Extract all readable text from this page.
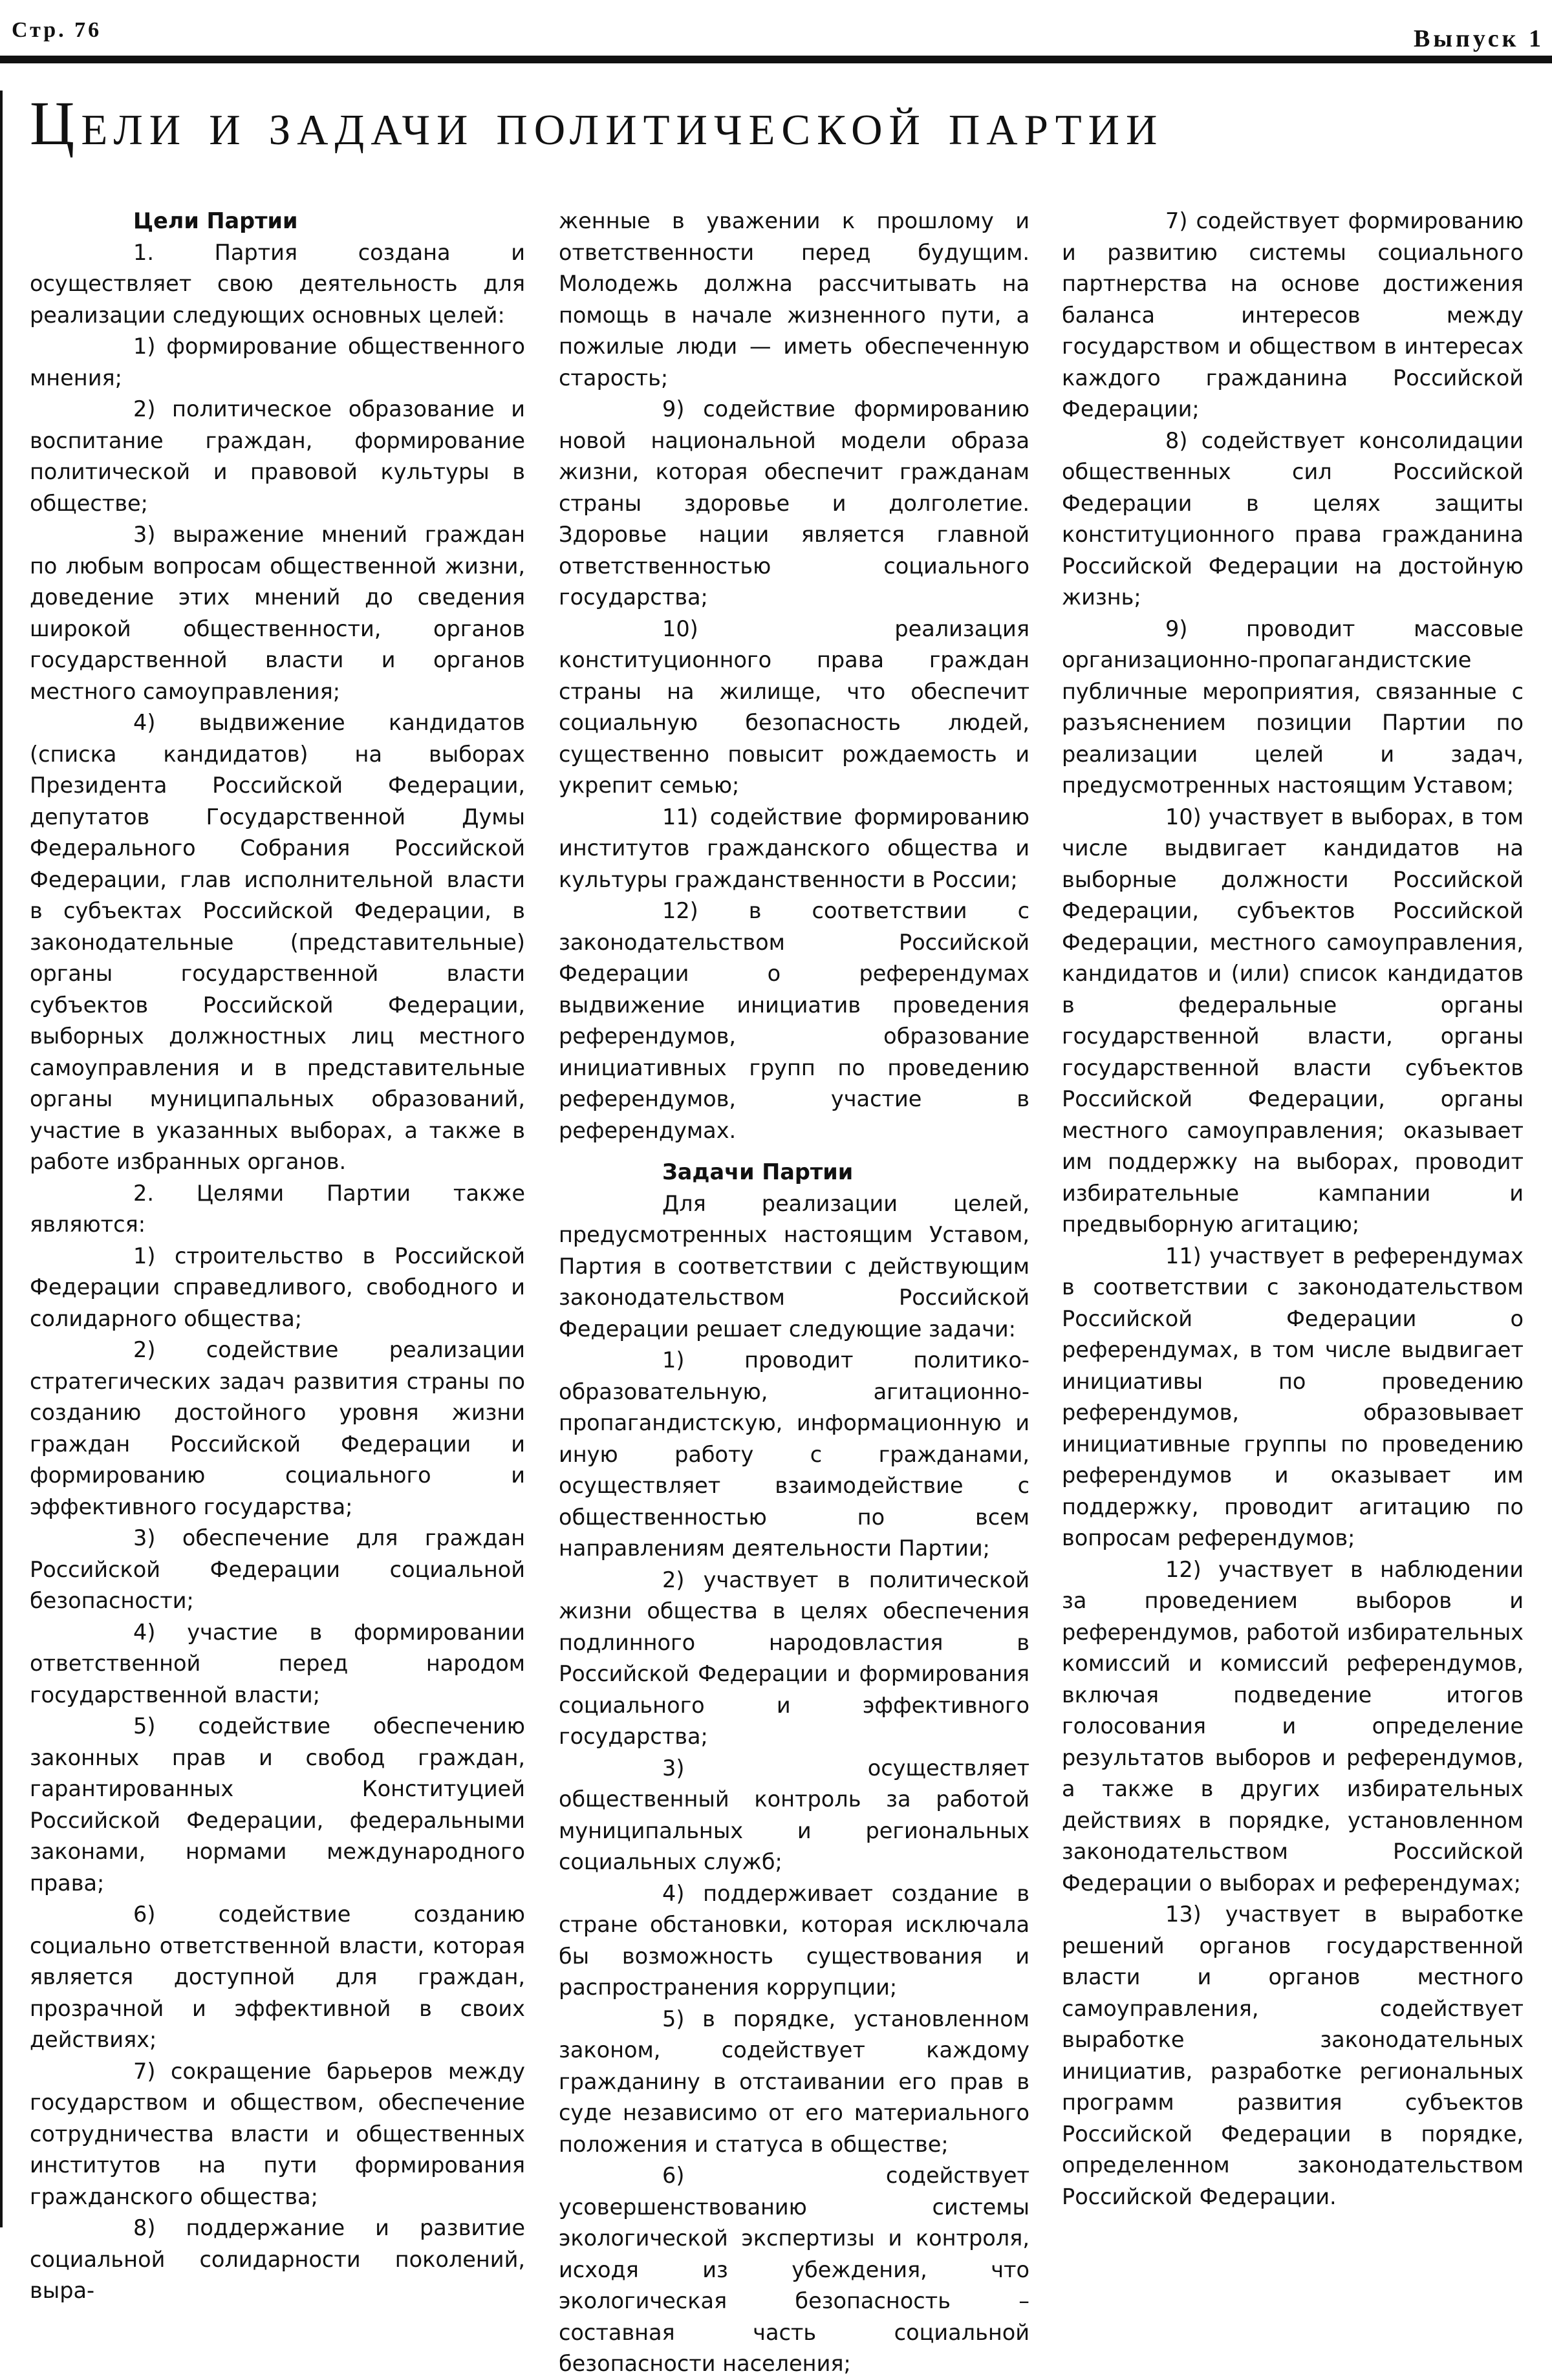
Стр. 76	Выпуск 1
Цели и задачи политической партии
Цели Партии

1. Партия создана и осуществляет свою деятельность для реализации следующих основных целей:

1) формирование общественного мнения;

2) политическое образование и воспитание граждан, формирование политической и правовой культуры в обществе;

3) выражение мнений граждан по любым вопросам общественной жизни, доведение этих мнений до сведения широкой общественности, органов государственной власти и органов местного самоуправления;

4) выдвижение кандидатов (списка кандидатов) на выборах Президента Российской Федерации, депутатов Государственной Думы Федерального Собрания Российской Федерации, глав исполнительной власти в субъектах Российской Федерации, в законодательные (представительные) органы государственной власти субъектов Российской Федерации, выборных должностных лиц местного самоуправления и в представительные органы муниципальных образований, участие в указанных выборах, а также в работе избранных органов.

2. Целями Партии также являются:

1) строительство в Российской Федерации справедливого, свободного и солидарного общества;

2) содействие реализации стратегических задач развития страны по созданию достойного уровня жизни граждан Российской Федерации и формированию социального и эффективного государства;

3) обеспечение для граждан Российской Федерации социальной безопасности;

4) участие в формировании ответственной перед народом государственной власти;

5) содействие обеспечению законных прав и свобод граждан, гарантированных Конституцией Российской Федерации, федеральными законами, нормами международного права;

6) содействие созданию социально ответственной власти, которая является доступной для граждан, прозрачной и эффективной в своих действиях;

7) сокращение барьеров между государством и обществом, обеспечение сотрудничества власти и общественных институтов на пути формирования гражданского общества;

8) поддержание и развитие социальной солидарности поколений, выра-

женные в уважении к прошлому и ответственности перед будущим. Молодежь должна рассчитывать на помощь в начале жизненного пути, а пожилые люди — иметь обеспеченную старость;

9) содействие формированию новой национальной модели образа жизни, которая обеспечит гражданам страны здоровье и долголетие. Здоровье нации является главной ответственностью социального государства;

10) реализация конституционного права граждан страны на жилище, что обеспечит социальную безопасность людей, существенно повысит рождаемость и укрепит семью;

11) содействие формированию институтов гражданского общества и культуры гражданственности в России;

12) в соответствии с законодательством Российской Федерации о референдумах выдвижение инициатив проведения референдумов, образование инициативных групп по проведению референдумов, участие в референдумах.

Задачи Партии

Для реализации целей, предусмотренных настоящим Уставом, Партия в соответствии с действующим законодательством Российской Федерации решает следующие задачи:

1) проводит политико-образовательную, агитационно-пропагандистскую, информационную и иную работу с гражданами, осуществляет взаимодействие с общественностью по всем направлениям деятельности Партии;

2) участвует в политической жизни общества в целях обеспечения подлинного народовластия в Российской Федерации и формирования социального и эффективного государства;

3) осуществляет общественный контроль за работой муниципальных и региональных социальных служб;

4) поддерживает создание в стране обстановки, которая исключала бы возможность существования и распространения коррупции;

5) в порядке, установленном законом, содействует каждому гражданину в отстаивании его прав в суде независимо от его материального положения и статуса в обществе;

6) содействует усовершенствованию системы экологической экспертизы и контроля, исходя из убеждения, что экологическая безопасность – составная часть социальной безопасности населения;

7) содействует формированию и развитию системы социального партнерства на основе достижения баланса интересов между государством и обществом в интересах каждого гражданина Российской Федерации;

8) содействует консолидации общественных сил Российской Федерации в целях защиты конституционного права гражданина Российской Федерации на достойную жизнь;

9) проводит массовые организационно-пропагандистские публичные мероприятия, связанные с разъяснением позиции Партии по реализации целей и задач, предусмотренных настоящим Уставом;

10) участвует в выборах, в том числе выдвигает кандидатов на выборные должности Российской Федерации, субъектов Российской Федерации, местного самоуправления, кандидатов и (или) список кандидатов в федеральные органы государственной власти, органы государственной власти субъектов Российской Федерации, органы местного самоуправления; оказывает им поддержку на выборах, проводит избирательные кампании и предвыборную агитацию;

11) участвует в референдумах в соответствии с законодательством Российской Федерации о референдумах, в том числе выдвигает инициативы по проведению референдумов, образовывает инициативные группы по проведению референдумов и оказывает им поддержку, проводит агитацию по вопросам референдумов;

12) участвует в наблюдении за проведением выборов и референдумов, работой избирательных комиссий и комиссий референдумов, включая подведение итогов голосования и определение результатов выборов и референдумов, а также в других избирательных действиях в порядке, установленном законодательством Российской Федерации о выборах и референдумах;

13) участвует в выработке решений органов государственной власти и органов местного самоуправления, содействует выработке законодательных инициатив, разработке региональных программ развития субъектов Российской Федерации в порядке, определенном законодательством Российской Федерации.
